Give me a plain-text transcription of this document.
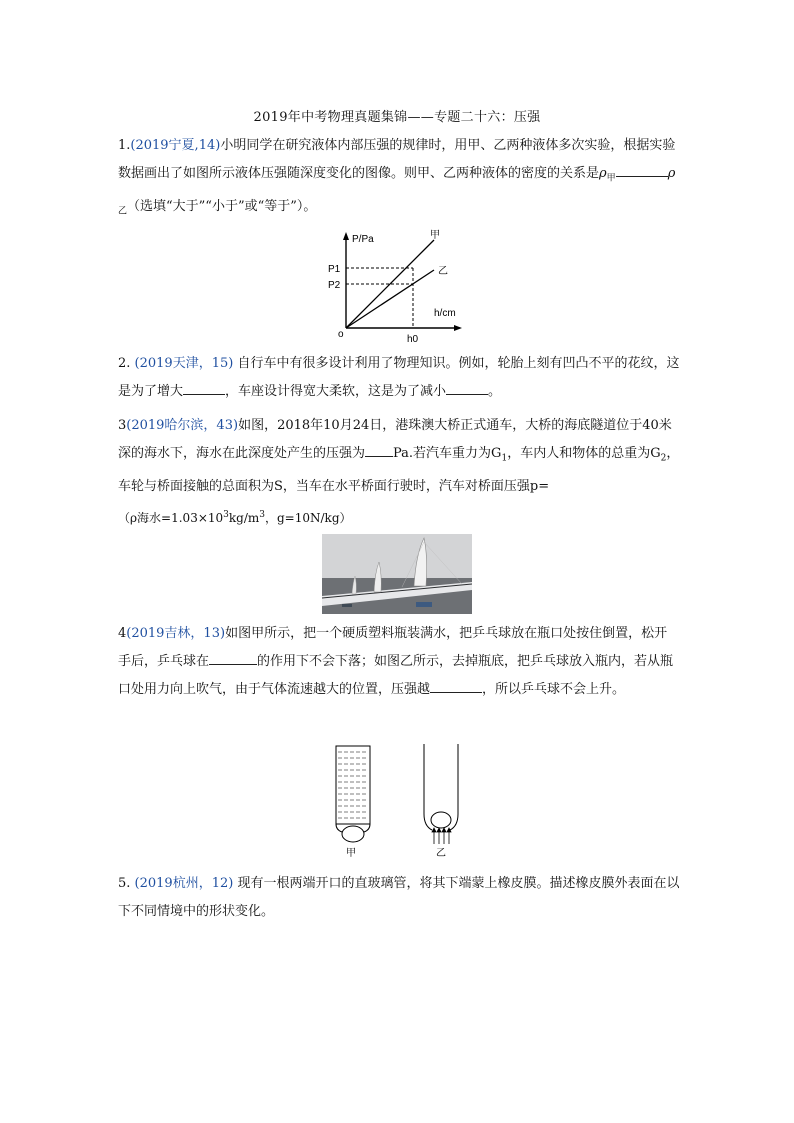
2019年中考物理真题集锦——专题二十六：压强
1.(2019宁夏,14)小明同学在研究液体内部压强的规律时，用甲、乙两种液体多次实验，根据实验数据画出了如图所示液体压强随深度变化的图像。则甲、乙两种液体的密度的关系是$\rho_甲$	$\rho_乙$（选填“大于”“小于”或“等于”）。
P/Pa
h/cm
o
P1
P2
h0
甲
乙
2. (2019天津，15) 自行车中有很多设计利用了物理知识。例如，轮胎上刻有凹凸不平的花纹，这是为了增大	，车座设计得宽大柔软，这是为了减小	。
3(2019哈尔滨，43)如图，2018年10月24日，港珠澳大桥正式通车，大桥的海底隧道位于40米深的海水下，海水在此深度处产生的压强为 Pa.若汽车重力为$G_1$，车内人和物体的总重为$G_2$，车轮与桥面接触的总面积为S，当车在水平桥面行驶时，汽车对桥面压强p=
（ρ海水$=1.03\times 10^3kg/m^3$，g=10N/kg）
4(2019吉林，13)如图甲所示，把一个硬质塑料瓶装满水，把乒乓球放在瓶口处按住倒置，松开手后，乒乓球在	的作用下不会下落；如图乙所示，去掉瓶底，把乒乓球放入瓶内，若从瓶口处用力向上吹气，由于气体流速越大的位置，压强越	，所以乒乓球不会上升。
甲	乙
5. (2019杭州，12) 现有一根两端开口的直玻璃管，将其下端蒙上橡皮膜。描述橡皮膜外表面在以下不同情境中的形状变化。
